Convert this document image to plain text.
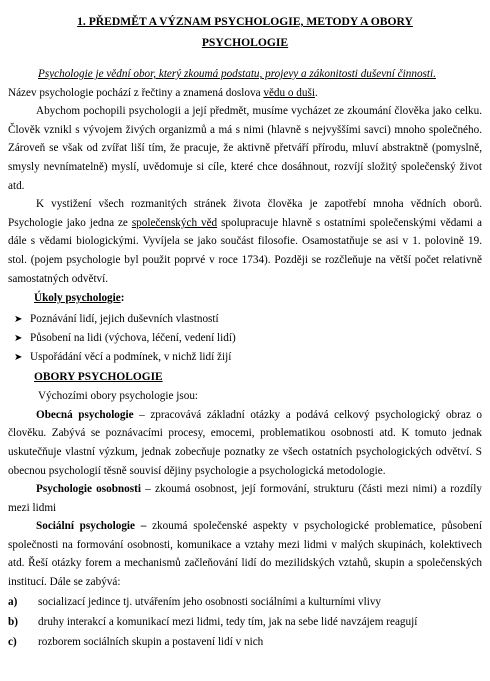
1. PŘEDMĚT A VÝZNAM PSYCHOLOGIE, METODY A OBORY
PSYCHOLOGIE

Psychologie je vědní obor, který zkoumá podstatu, projevy a zákonitosti duševní činnosti.

Název psychologie pochází z řečtiny a znamená doslova vědu o duši.

Abychom pochopili psychologii a její předmět, musíme vycházet ze zkoumání člověka jako celku. Člověk vznikl s vývojem živých organizmů a má s nimi (hlavně s nejvyššími savci) mnoho společného. Zároveň se však od zvířat liší tím, že pracuje, že aktivně přetváří přírodu, mluví abstraktně (pomyslně, smysly nevnímatelně) myslí, uvědomuje si cíle, které chce dosáhnout, rozvíjí složitý společenský život atd.

K vystižení všech rozmanitých stránek života člověka je zapotřebí mnoha vědních oborů. Psychologie jako jedna ze společenských věd spolupracuje hlavně s ostatními společenskými vědami a dále s vědami biologickými. Vyvíjela se jako součást filosofie. Osamostatňuje se asi v 1. polovině 19. stol. (pojem psychologie byl použit poprvé v roce 1734). Později se rozčleňuje na větší počet relativně samostatných odvětví.

Úkoly psychologie:
➤ Poznávání lidí, jejich duševních vlastností
➤ Působení na lidi (výchova, léčení, vedení lidí)
➤ Uspořádání věcí a podmínek, v nichž lidí žijí
OBORY PSYCHOLOGIE

Výchozími obory psychologie jsou:

Obecná psychologie – zpracovává základní otázky a podává celkový psychologický obraz o člověku. Zabývá se poznávacími procesy, emocemi, problematikou osobnosti atd. K tomuto jednak uskutečňuje vlastní výzkum, jednak zobecňuje poznatky ze všech ostatních psychologických odvětví. S obecnou psychologií těsně souvisí dějiny psychologie a psychologická metodologie.

Psychologie osobnosti – zkoumá osobnost, její formování, strukturu (části mezi nimi) a rozdíly mezi lidmi

Sociální psychologie – zkoumá společenské aspekty v psychologické problematice, působení společnosti na formování osobnosti, komunikace a vztahy mezi lidmi v malých skupinách, kolektivech atd. Řeší otázky forem a mechanismů začleňování lidí do mezilidských vztahů, skupin a společenských institucí. Dále se zabývá:

a)	socializací jedince tj. utvářením jeho osobnosti sociálními a kulturními vlivy
b)	druhy interakcí a komunikací mezi lidmi, tedy tím, jak na sebe lidé navzájem reagují
c)	rozborem sociálních skupin a postavení lidí v nich
